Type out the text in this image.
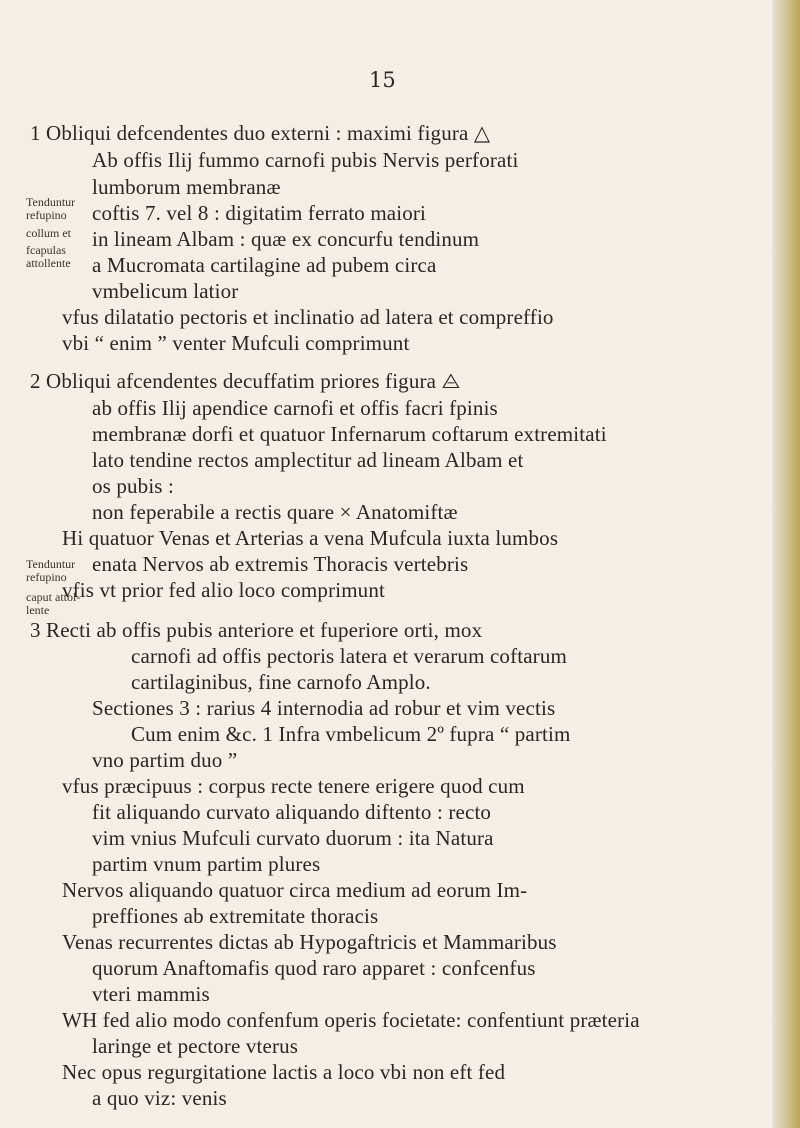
15
Tenduntur
refupino
collum et
fcapulas
attollente
Tenduntur
refupino
caput attol-
lente
1 Obliqui defcendentes duo externi : maximi figura △
Ab offis Ilij fummo carnofi pubis Nervis perforati
lumborum membranæ
coftis 7. vel 8 : digitatim ferrato maiori
in lineam Albam : quæ ex concurfu tendinum
a Mucromata cartilagine ad pubem circa
vmbelicum latior
vfus dilatatio pectoris et inclinatio ad latera et compreffio
vbi “ enim ” venter Mufculi comprimunt
2 Obliqui afcendentes decuffatim priores figura ⨺
ab offis Ilij apendice carnofi et offis facri fpinis
membranæ dorfi et quatuor Infernarum coftarum extremitati
lato tendine rectos amplectitur ad lineam Albam et
os pubis :
non feperabile a rectis quare × Anatomiftæ
Hi quatuor Venas et Arterias a vena Mufcula iuxta lumbos
enata Nervos ab extremis Thoracis vertebris
vfis vt prior fed alio loco comprimunt
3 Recti ab offis pubis anteriore et fuperiore orti, mox
carnofi ad offis pectoris latera et verarum coftarum
cartilaginibus, fine carnofo Amplo.
Sectiones 3 : rarius 4 internodia ad robur et vim vectis
Cum enim &c. 1 Infra vmbelicum 2º fupra “ partim
vno partim duo ”
vfus præcipuus : corpus recte tenere erigere quod cum
fit aliquando curvato aliquando diftento : recto
vim vnius Mufculi curvato duorum : ita Natura
partim vnum partim plures
Nervos aliquando quatuor circa medium ad eorum Im-
preffiones ab extremitate thoracis
Venas recurrentes dictas ab Hypogaftricis et Mammaribus
quorum Anaftomafis quod raro apparet : confcenfus
vteri mammis
WH fed alio modo confenfum operis focietate: confentiunt præteria
laringe et pectore vterus
Nec opus regurgitatione lactis a loco vbi non eft fed
a quo viz: venis
